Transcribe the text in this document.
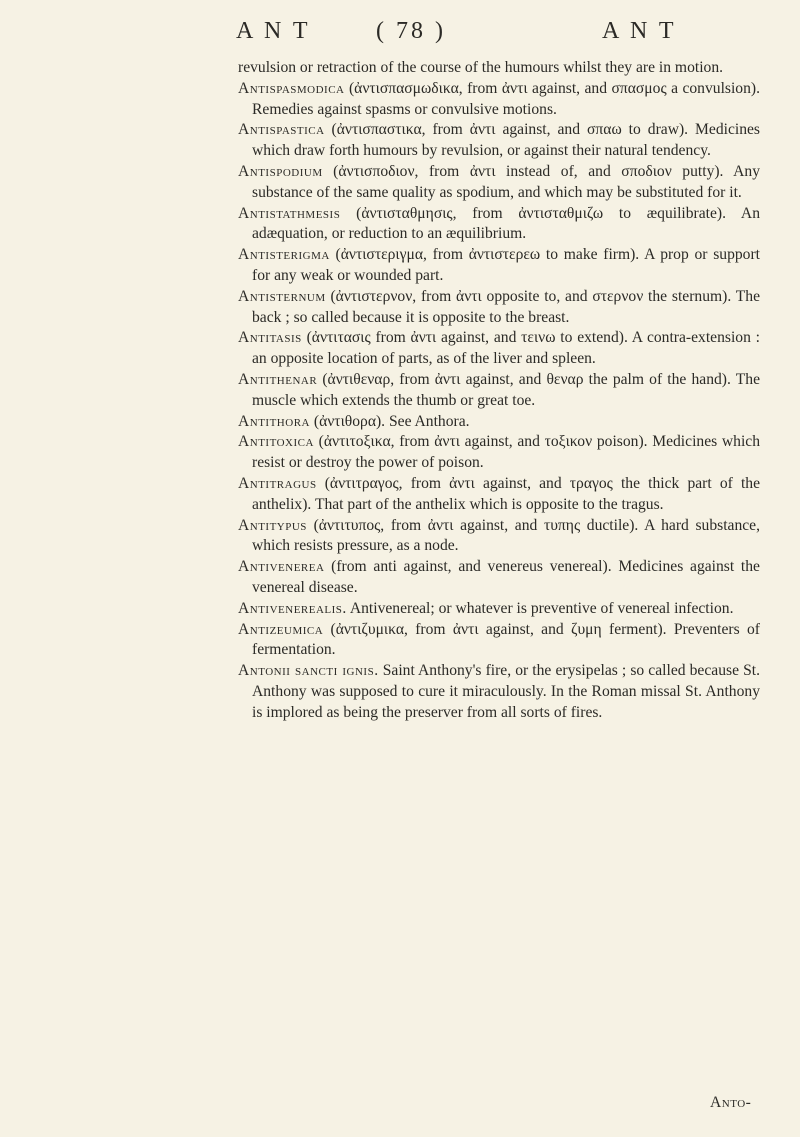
A N T	( 78 )	A N T

revulsion or retraction of the course of the humours whilst they are in motion.

Antispasmodica (ἀντισπασμωδικα, from ἀντι against, and σπασμος a convulsion). Remedies against spasms or convulsive motions.

Antispastica (ἀντισπαστικα, from ἀντι against, and σπαω to draw). Medicines which draw forth humours by revulsion, or against their natural tendency.

Antispodium (ἀντισποδιον, from ἀντι instead of, and σποδιον putty). Any substance of the same quality as spodium, and which may be substituted for it.

Antistathmesis (ἀντισταθμησις, from ἀντισταθμιζω to æquilibrate). An adæquation, or reduction to an æquilibrium.

Antisterigma (ἀντιστεριγμα, from ἀντιστερεω to make firm). A prop or support for any weak or wounded part.

Antisternum (ἀντιστερνον, from ἀντι opposite to, and στερνον the sternum). The back ; so called because it is opposite to the breast.

Antitasis (ἀντιτασις from ἀντι against, and τεινω to extend). A contra-extension : an opposite location of parts, as of the liver and spleen.

Antithenar (ἀντιθεναρ, from ἀντι against, and θεναρ the palm of the hand). The muscle which extends the thumb or great toe.

Antithora (ἀντιθορα). See Anthora.

Antitoxica (ἀντιτοξικα, from ἀντι against, and τοξικον poison). Medicines which resist or destroy the power of poison.

Antitragus (ἀντιτραγος, from ἀντι against, and τραγος the thick part of the anthelix). That part of the anthelix which is opposite to the tragus.

Antitypus (ἀντιτυπος, from ἀντι against, and τυπης ductile). A hard substance, which resists pressure, as a node.

Antivenerea (from anti against, and venereus venereal). Medicines against the venereal disease.

Antivenerealis. Antivenereal; or whatever is preventive of venereal infection.

Antizeumica (ἀντιζυμικα, from ἀντι against, and ζυμη ferment). Preventers of fermentation.

Antonii sancti ignis. Saint Anthony's fire, or the erysipelas ; so called because St. Anthony was supposed to cure it miraculously. In the Roman missal St. Anthony is implored as being the preserver from all sorts of fires.

Anto-
